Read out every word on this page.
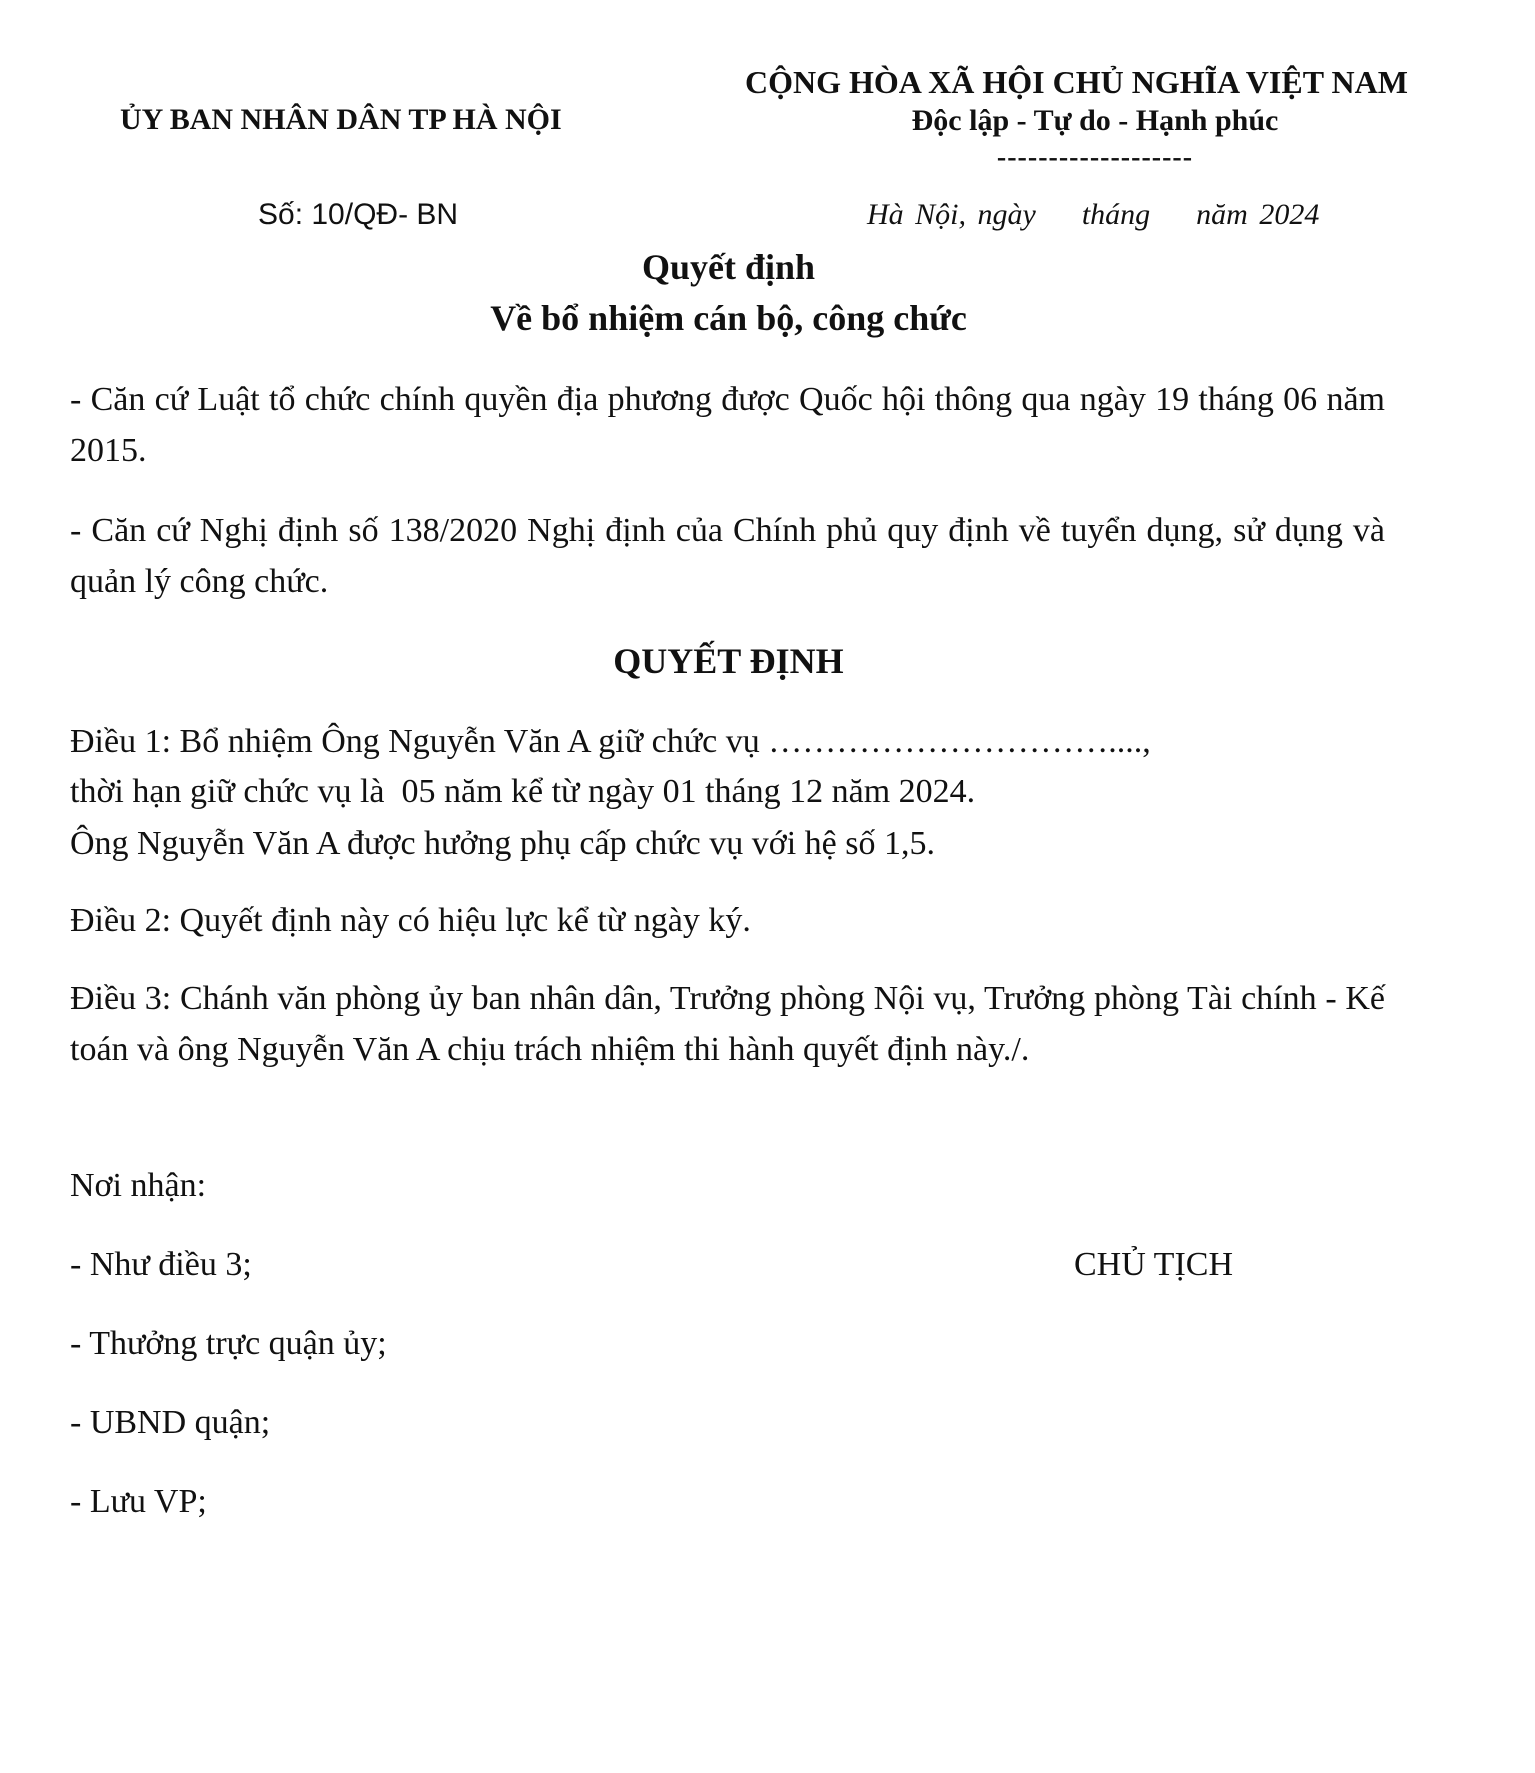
ỦY BAN NHÂN DÂN TP HÀ NỘI
CỘNG HÒA XÃ HỘI CHỦ NGHĨA VIỆT NAM
Độc lập - Tự do - Hạnh phúc
-------------------
Số: 10/QĐ- BN	Hà Nội, ngày    tháng    năm 2024
Quyết định
Về bổ nhiệm cán bộ, công chức

- Căn cứ Luật tổ chức chính quyền địa phương được Quốc hội thông qua ngày 19 tháng 06 năm 2015.

- Căn cứ Nghị định số 138/2020 Nghị định của Chính phủ quy định về tuyển dụng, sử dụng và quản lý công chức.

QUYẾT ĐỊNH
Điều 1: Bổ nhiệm Ông Nguyễn Văn A giữ chức vụ …………………………....,
thời hạn giữ chức vụ là  05 năm kể từ ngày 01 tháng 12 năm 2024.
Ông Nguyễn Văn A được hưởng phụ cấp chức vụ với hệ số 1,5.
Điều 2: Quyết định này có hiệu lực kể từ ngày ký.

Điều 3: Chánh văn phòng ủy ban nhân dân, Trưởng phòng Nội vụ, Trưởng phòng Tài chính - Kế toán và ông Nguyễn Văn A chịu trách nhiệm thi hành quyết định này./.

Nơi nhận:
- Như điều 3;
- Thưởng trực quận ủy;
- UBND quận;
- Lưu VP;
CHỦ TỊCH
